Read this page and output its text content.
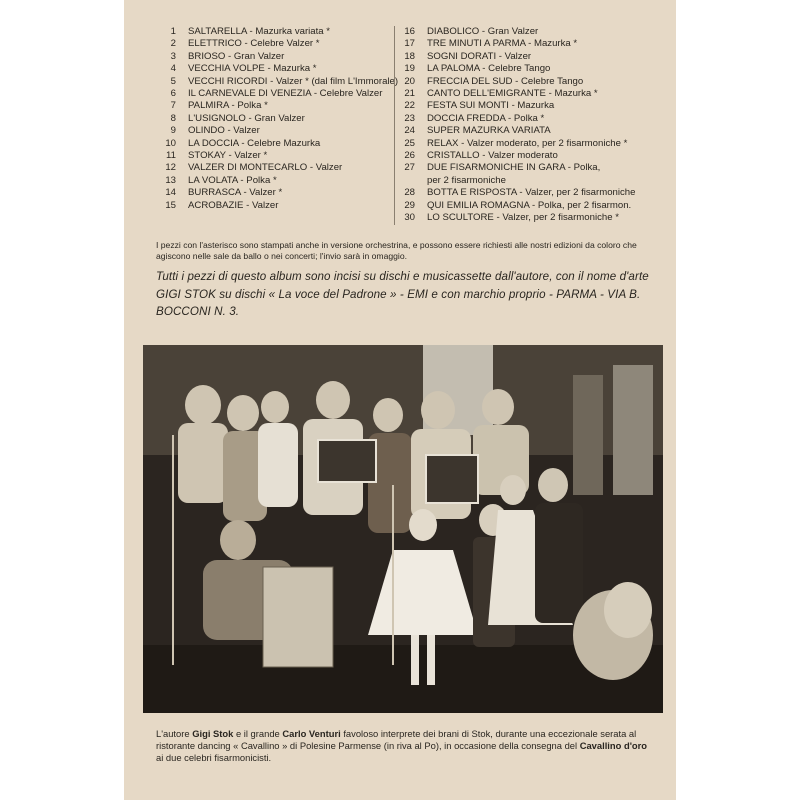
1 SALTARELLA - Mazurka variata *
2 ELETTRICO - Celebre Valzer *
3 BRIOSO - Gran Valzer
4 VECCHIA VOLPE - Mazurka *
5 VECCHI RICORDI - Valzer * (dal film L'Immorale)
6 IL CARNEVALE DI VENEZIA - Celebre Valzer
7 PALMIRA - Polka *
8 L'USIGNOLO - Gran Valzer
9 OLINDO - Valzer
10 LA DOCCIA - Celebre Mazurka
11 STOKAY - Valzer *
12 VALZER DI MONTECARLO - Valzer
13 LA VOLATA - Polka *
14 BURRASCA - Valzer *
15 ACROBAZIE - Valzer
16 DIABOLICO - Gran Valzer
17 TRE MINUTI A PARMA - Mazurka *
18 SOGNI DORATI - Valzer
19 LA PALOMA - Celebre Tango
20 FRECCIA DEL SUD - Celebre Tango
21 CANTO DELL'EMIGRANTE - Mazurka *
22 FESTA SUI MONTI - Mazurka
23 DOCCIA FREDDA - Polka *
24 SUPER MAZURKA VARIATA
25 RELAX - Valzer moderato, per 2 fisarmoniche *
26 CRISTALLO - Valzer moderato
27 DUE FISARMONICHE IN GARA - Polka,
per 2 fisarmoniche
28 BOTTA E RISPOSTA - Valzer, per 2 fisarmoniche
29 QUI EMILIA ROMAGNA - Polka, per 2 fisarmon.
30 LO SCULTORE - Valzer, per 2 fisarmoniche *
I pezzi con l'asterisco sono stampati anche in versione orchestrina, e possono essere richiesti alle nostri edizioni da coloro che agiscono nelle sale da ballo o nei concerti; l'invio sarà in omaggio.
Tutti i pezzi di questo album sono incisi su dischi e musicassette dall'autore, con il nome d'arte GIGI STOK su dischi « La voce del Padrone » - EMI e con marchio proprio - PARMA - VIA B. BOCCONI N. 3.
L'autore Gigi Stok e il grande Carlo Venturi favoloso interprete dei brani di Stok, durante una eccezionale serata al ristorante dancing « Cavallino » di Polesine Parmense (in riva al Po), in occasione della consegna del Cavallino d'oro ai due celebri fisarmonicisti.
